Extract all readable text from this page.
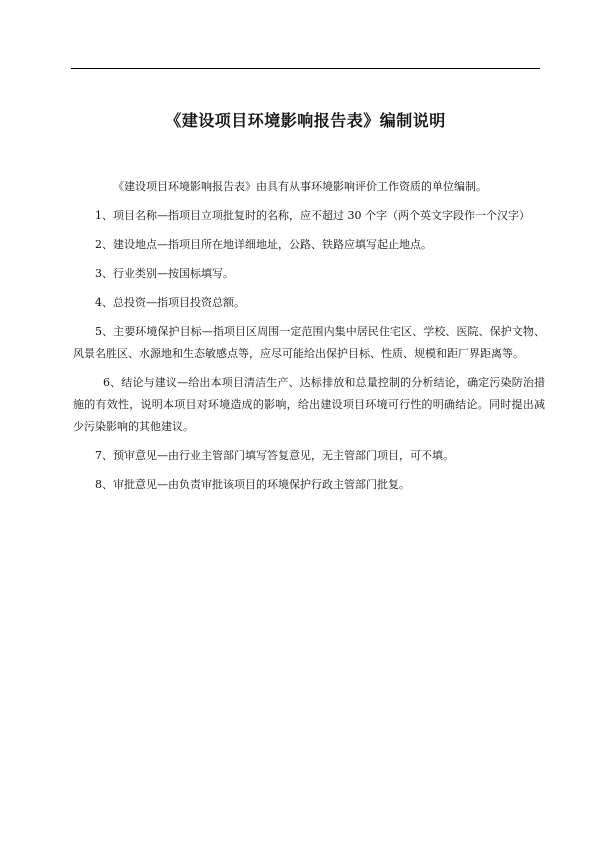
《建设项目环境影响报告表》编制说明

《建设项目环境影响报告表》由具有从事环境影响评价工作资质的单位编制。

1、项目名称—指项目立项批复时的名称，应不超过 30 个字（两个英文字段作一个汉字）

2、建设地点—指项目所在地详细地址，公路、铁路应填写起止地点。

3、行业类别—按国标填写。

4、总投资—指项目投资总额。

5、主要环境保护目标—指项目区周围一定范围内集中居民住宅区、学校、医院、保护文物、风景名胜区、水源地和生态敏感点等，应尽可能给出保护目标、性质、规模和距厂界距离等。

6、结论与建议—给出本项目清洁生产、达标排放和总量控制的分析结论，确定污染防治措施的有效性，说明本项目对环境造成的影响，给出建设项目环境可行性的明确结论。同时提出减少污染影响的其他建议。

7、预审意见—由行业主管部门填写答复意见，无主管部门项目，可不填。

8、审批意见—由负责审批该项目的环境保护行政主管部门批复。
